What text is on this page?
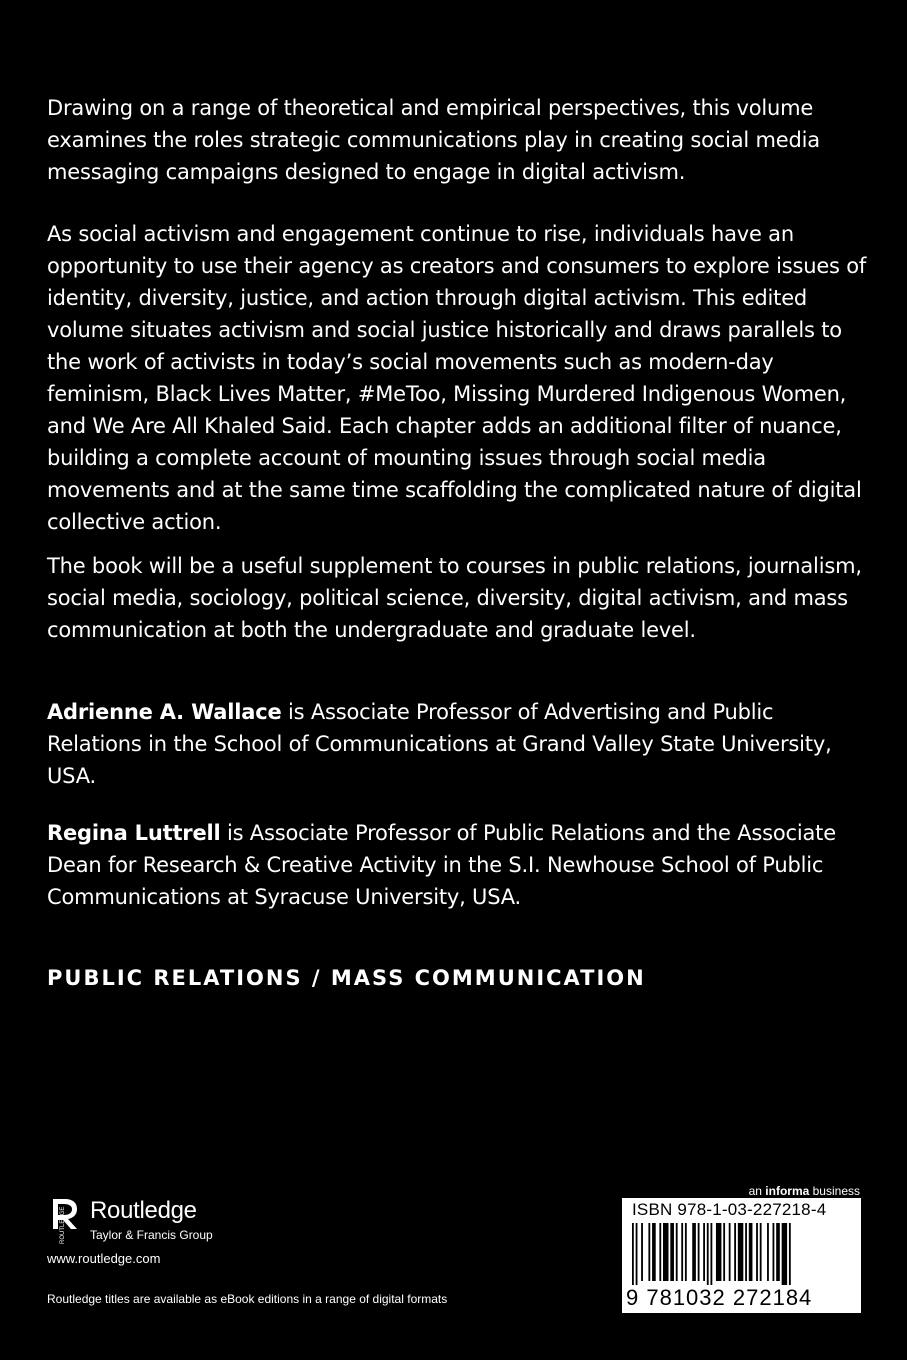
Drawing on a range of theoretical and empirical perspectives, this volume examines the roles strategic communications play in creating social media messaging campaigns designed to engage in digital activism.

As social activism and engagement continue to rise, individuals have an opportunity to use their agency as creators and consumers to explore issues of identity, diversity, justice, and action through digital activism. This edited volume situates activism and social justice historically and draws parallels to the work of activists in today’s social movements such as modern-day feminism, Black Lives Matter, #MeToo, Missing Murdered Indigenous Women, and We Are All Khaled Said. Each chapter adds an additional filter of nuance, building a complete account of mounting issues through social media movements and at the same time scaffolding the complicated nature of digital collective action.

The book will be a useful supplement to courses in public relations, journalism, social media, sociology, political science, diversity, digital activism, and mass communication at both the undergraduate and graduate level.

Adrienne A. Wallace is Associate Professor of Advertising and Public Relations in the School of Communications at Grand Valley State University, USA.

Regina Luttrell is Associate Professor of Public Relations and the Associate Dean for Research & Creative Activity in the S.I. Newhouse School of Public Communications at Syracuse University, USA.

PUBLIC RELATIONS / MASS COMMUNICATION

ROUTLEDGE Routledge

Taylor & Francis Group

www.routledge.com

Routledge titles are available as eBook editions in a range of digital formats

an informa business

ISBN 978-1-03-227218-4

9 781032 272184
